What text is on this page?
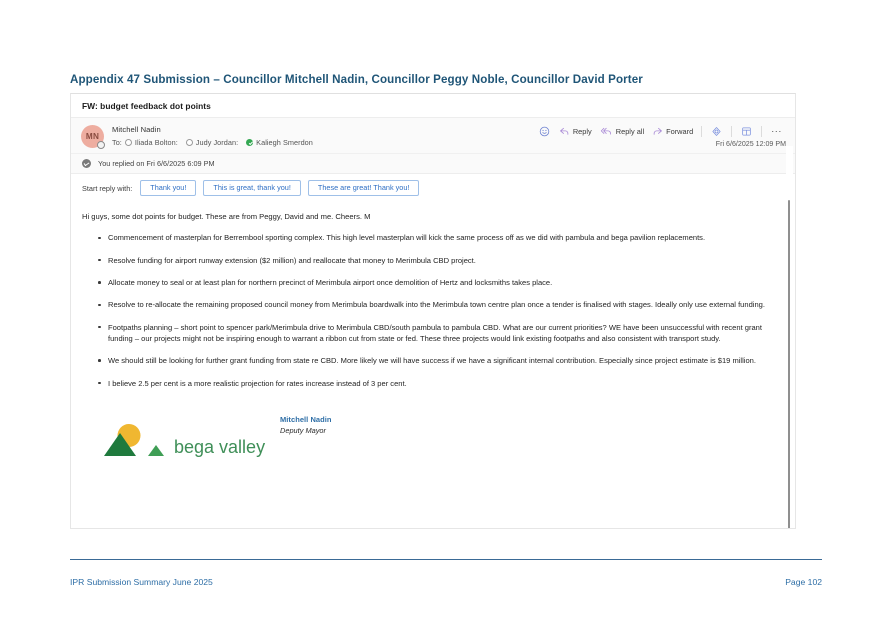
Appendix 47 Submission – Councillor Mitchell Nadin, Councillor Peggy Noble, Councillor David Porter
FW: budget feedback dot points
MN
Mitchell Nadin
To: Iliada Bolton: Judy Jordan: Kaliegh Smerdon
Reply	Reply all	Forward	···
Fri 6/6/2025 12:09 PM
You replied on Fri 6/6/2025 6:09 PM
Start reply with:	Thank you!	This is great, thank you!	These are great! Thank you!
Hi guys, some dot points for budget. These are from Peggy, David and me. Cheers. M
Commencement of masterplan for Berrembool sporting complex. This high level masterplan will kick the same process off as we did with pambula and bega pavilion replacements.
Resolve funding for airport runway extension ($2 million) and reallocate that money to Merimbula CBD project.
Allocate money to seal or at least plan for northern precinct of Merimbula airport once demolition of Hertz and locksmiths takes place.
Resolve to re-allocate the remaining proposed council money from Merimbula boardwalk into the Merimbula town centre plan once a tender is finalised with stages. Ideally only use external funding.
Footpaths planning – short point to spencer park/Merimbula drive to Merimbula CBD/south pambula to pambula CBD. What are our current priorities? WE have been unsuccessful with recent grant funding – our projects might not be inspiring enough to warrant a ribbon cut from state or fed. These three projects would link existing footpaths and also consistent with transport study.
We should still be looking for further grant funding from state re CBD. More likely we will have success if we have a significant internal contribution. Especially since project estimate is $19 million.
I believe 2.5 per cent is a more realistic projection for rates increase instead of 3 per cent.
bega valley
Mitchell Nadin
Deputy Mayor
IPR Submission Summary June 2025	Page 102
